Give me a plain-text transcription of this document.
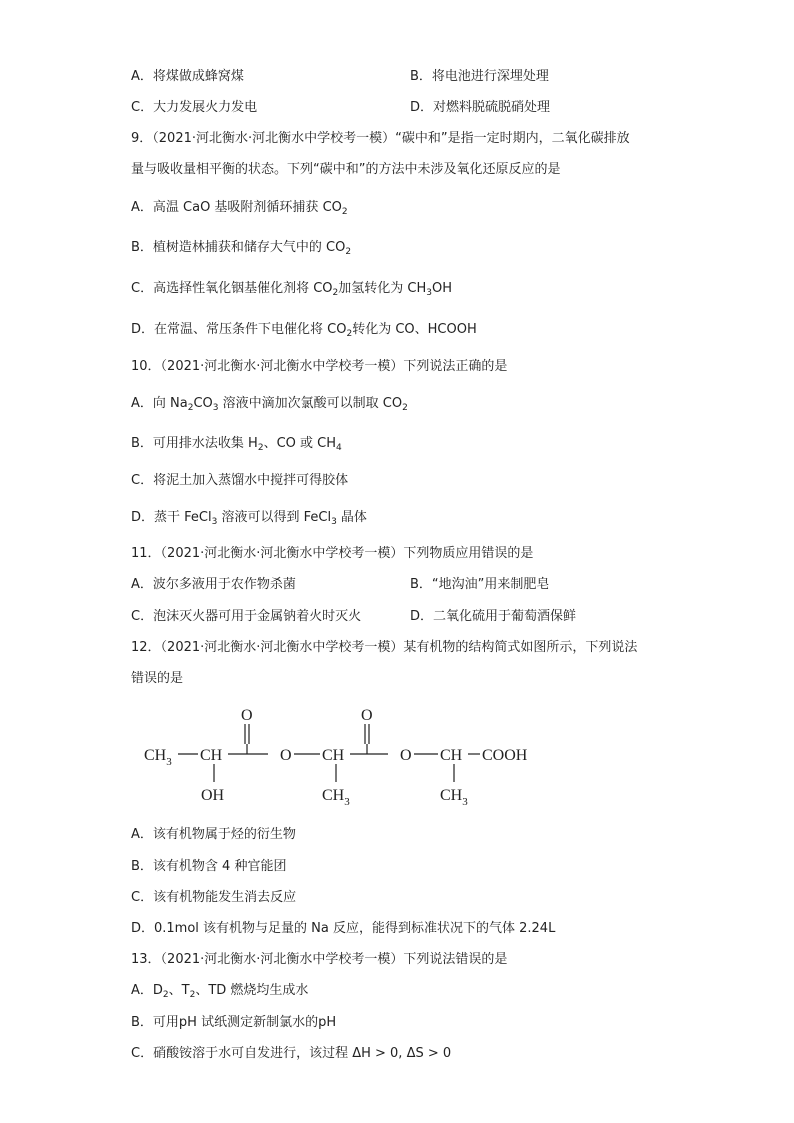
A．将煤做成蜂窝煤	B．将电池进行深埋处理
C．大力发展火力发电	D．对燃料脱硫脱硝处理
9．（2021·河北衡水·河北衡水中学校考一模）“碳中和”是指一定时期内，二氧化碳排放
量与吸收量相平衡的状态。下列“碳中和”的方法中未涉及氧化还原反应的是
A．高温 CaO 基吸附剂循环捕获 $CO_2$
B．植树造林捕获和储存大气中的 $CO_2$
C．高选择性氧化铟基催化剂将 $CO_2$加氢转化为 $CH_3OH$
D．在常温、常压条件下电催化将 $CO_2$转化为 CO、HCOOH
10．（2021·河北衡水·河北衡水中学校考一模）下列说法正确的是
A．向 $Na_2CO_3$ 溶液中滴加次氯酸可以制取 $CO_2$
B．可用排水法收集 $H_2$、CO 或 $CH_4$
C．将泥土加入蒸馏水中搅拌可得胶体
D．蒸干 FeCl$_3$ 溶液可以得到 FeCl$_3$ 晶体
11．（2021·河北衡水·河北衡水中学校考一模）下列物质应用错误的是
A．波尔多液用于农作物杀菌	B．“地沟油”用来制肥皂
C．泡沫灭火器可用于金属钠着火时灭火	D．二氧化硫用于葡萄酒保鲜
12．（2021·河北衡水·河北衡水中学校考一模）某有机物的结构简式如图所示，下列说法
错误的是
O	O
$CH_3$ CH	O CH	O CH COOH
OH	$CH_3$	$CH_3$
A．该有机物属于烃的衍生物
B．该有机物含 4 种官能团
C．该有机物能发生消去反应
D．0.1mol 该有机物与足量的 Na 反应，能得到标准状况下的气体 2.24L
13．（2021·河北衡水·河北衡水中学校考一模）下列说法错误的是
A．$D_2$、$T_2$、TD 燃烧均生成水
B．可用pH 试纸测定新制氯水的pH
C．硝酸铵溶于水可自发进行，该过程 ΔH > 0, ΔS > 0
